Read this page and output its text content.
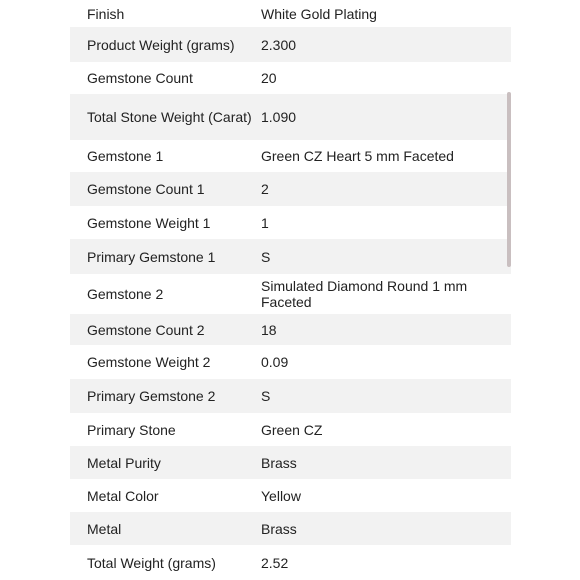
Finish	White Gold Plating
Product Weight (grams)	2.300
Gemstone Count	20
Total Stone Weight (Carat) 1.090
Gemstone 1	Green CZ Heart 5 mm Faceted
Gemstone Count 1	2
Gemstone Weight 1	1
Primary Gemstone 1	S
Gemstone 2	Simulated Diamond Round 1 mm Faceted
Gemstone Count 2	18
Gemstone Weight 2	0.09
Primary Gemstone 2	S
Primary Stone	Green CZ
Metal Purity	Brass
Metal Color	Yellow
Metal	Brass
Total Weight (grams)	2.52
